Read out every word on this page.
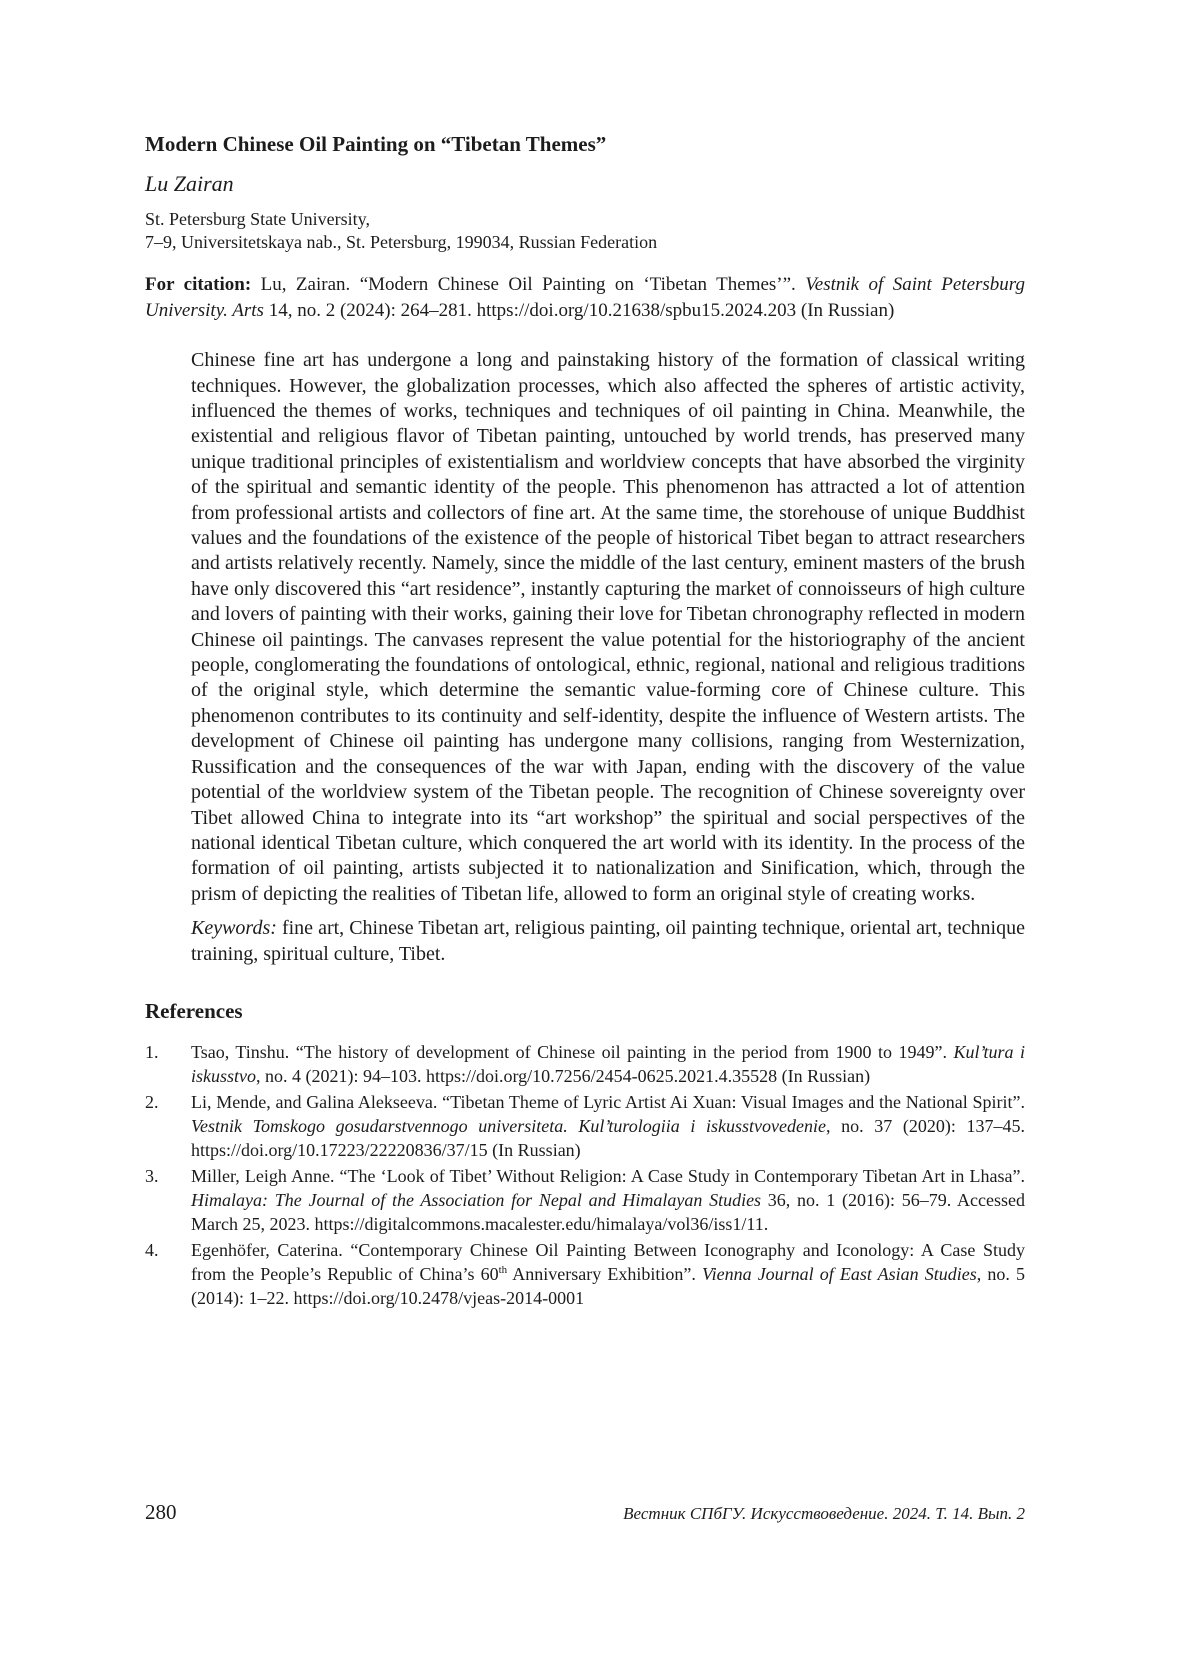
Modern Chinese Oil Painting on “Tibetan Themes”
Lu Zairan
St. Petersburg State University,
7–9, Universitetskaya nab., St. Petersburg, 199034, Russian Federation
For citation: Lu, Zairan. “Modern Chinese Oil Painting on ‘Tibetan Themes’”. Vestnik of Saint Petersburg University. Arts 14, no. 2 (2024): 264–281. https://doi.org/10.21638/spbu15.2024.203 (In Russian)
Chinese fine art has undergone a long and painstaking history of the formation of classical writing techniques. However, the globalization processes, which also affected the spheres of artistic activity, influenced the themes of works, techniques and techniques of oil painting in China. Meanwhile, the existential and religious flavor of Tibetan painting, untouched by world trends, has preserved many unique traditional principles of existentialism and worldview concepts that have absorbed the virginity of the spiritual and semantic identity of the people. This phenomenon has attracted a lot of attention from professional artists and collectors of fine art. At the same time, the storehouse of unique Buddhist values and the foundations of the existence of the people of historical Tibet began to attract researchers and artists relatively recently. Namely, since the middle of the last century, eminent masters of the brush have only discovered this “art residence”, instantly capturing the market of connoisseurs of high culture and lovers of painting with their works, gaining their love for Tibetan chronography reflected in modern Chinese oil paintings. The canvases represent the value potential for the historiography of the ancient people, conglomerating the foundations of ontological, ethnic, regional, national and religious traditions of the original style, which determine the semantic value-forming core of Chinese culture. This phenomenon contributes to its continuity and self-identity, despite the influence of Western artists. The development of Chinese oil painting has undergone many collisions, ranging from Westernization, Russification and the consequences of the war with Japan, ending with the discovery of the value potential of the worldview system of the Tibetan people. The recognition of Chinese sovereignty over Tibet allowed China to integrate into its “art workshop” the spiritual and social perspectives of the national identical Tibetan culture, which conquered the art world with its identity. In the process of the formation of oil painting, artists subjected it to nationalization and Sinification, which, through the prism of depicting the realities of Tibetan life, allowed to form an original style of creating works.
Keywords: fine art, Chinese Tibetan art, religious painting, oil painting technique, oriental art, technique training, spiritual culture, Tibet.
References
1. Tsao, Tinshu. “The history of development of Chinese oil painting in the period from 1900 to 1949”. Kul’tura i iskusstvo, no. 4 (2021): 94–103. https://doi.org/10.7256/2454-0625.2021.4.35528 (In Russian)
2. Li, Mende, and Galina Alekseeva. “Tibetan Theme of Lyric Artist Ai Xuan: Visual Images and the National Spirit”. Vestnik Tomskogo gosudarstvennogo universiteta. Kul’turologiia i iskusstvovedenie, no. 37 (2020): 137–45. https://doi.org/10.17223/22220836/37/15 (In Russian)
3. Miller, Leigh Anne. “The ‘Look of Tibet’ Without Religion: A Case Study in Contemporary Tibetan Art in Lhasa”. Himalaya: The Journal of the Association for Nepal and Himalayan Studies 36, no. 1 (2016): 56–79. Accessed March 25, 2023. https://digitalcommons.macalester.edu/himalaya/vol36/iss1/11.
4. Egenhöfer, Caterina. “Contemporary Chinese Oil Painting Between Iconography and Iconology: A Case Study from the People’s Republic of China’s 60th Anniversary Exhibition”. Vienna Journal of East Asian Studies, no. 5 (2014): 1–22. https://doi.org/10.2478/vjeas-2014-0001
280	Вестник СПбГУ. Искусствоведение. 2024. Т. 14. Вып. 2
